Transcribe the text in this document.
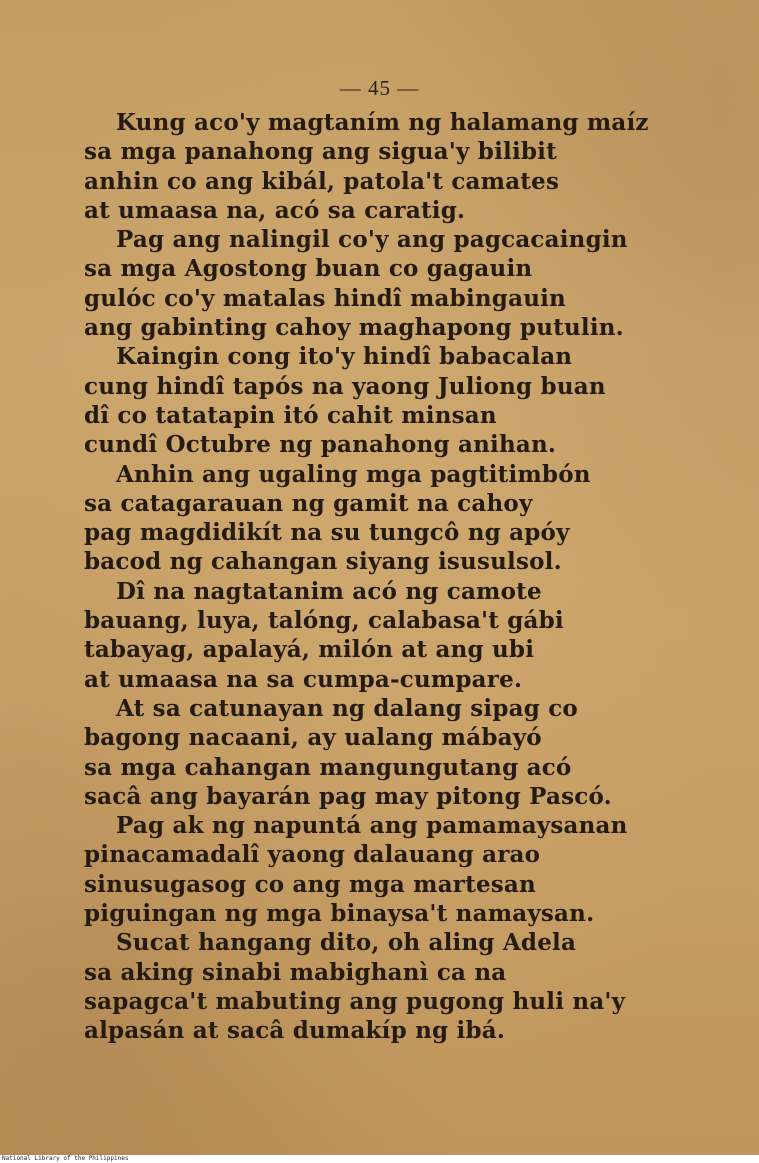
— 45 —
Kung aco'y magtaním ng halamang maíz
sa mga panahong ang sigua'y bilibit
anhin co ang kibál, patola't camates
at umaasa na, acó sa caratig.
Pag ang nalingil co'y ang pagcacaingin
sa mga Agostong buan co gagauin
gulóc co'y matalas hindî mabingauin
ang gabinting cahoy maghapong putulin.
Kaingin cong ito'y hindî babacalan
cung hindî tapós na yaong Juliong buan
dî co tatatapin itó cahit minsan
cundî Octubre ng panahong anihan.
Anhin ang ugaling mga pagtitimbón
sa catagarauan ng gamit na cahoy
pag magdidikít na su tungcô ng apóy
bacod ng cahangan siyang isusulsol.
Dî na nagtatanim acó ng camote
bauang, luya, talóng, calabasa't gábi
tabayag, apalayá, milón at ang ubi
at umaasa na sa cumpa-cumpare.
At sa catunayan ng dalang sipag co
bagong nacaani, ay ualang mábayó
sa mga cahangan mangungutang acó
sacâ ang bayarán pag may pitong Pascó.
Pag ak ng napuntá ang pamamaysanan
pinacamadalî yaong dalauang arao
sinusugasog co ang mga martesan
piguingan ng mga binaysa't namaysan.
Sucat hangang dito, oh aling Adela
sa aking sinabi mabighanì ca na
sapagca't mabuting ang pugong huli na'y
alpasán at sacâ dumakíp ng ibá.
National Library of the Philippines
